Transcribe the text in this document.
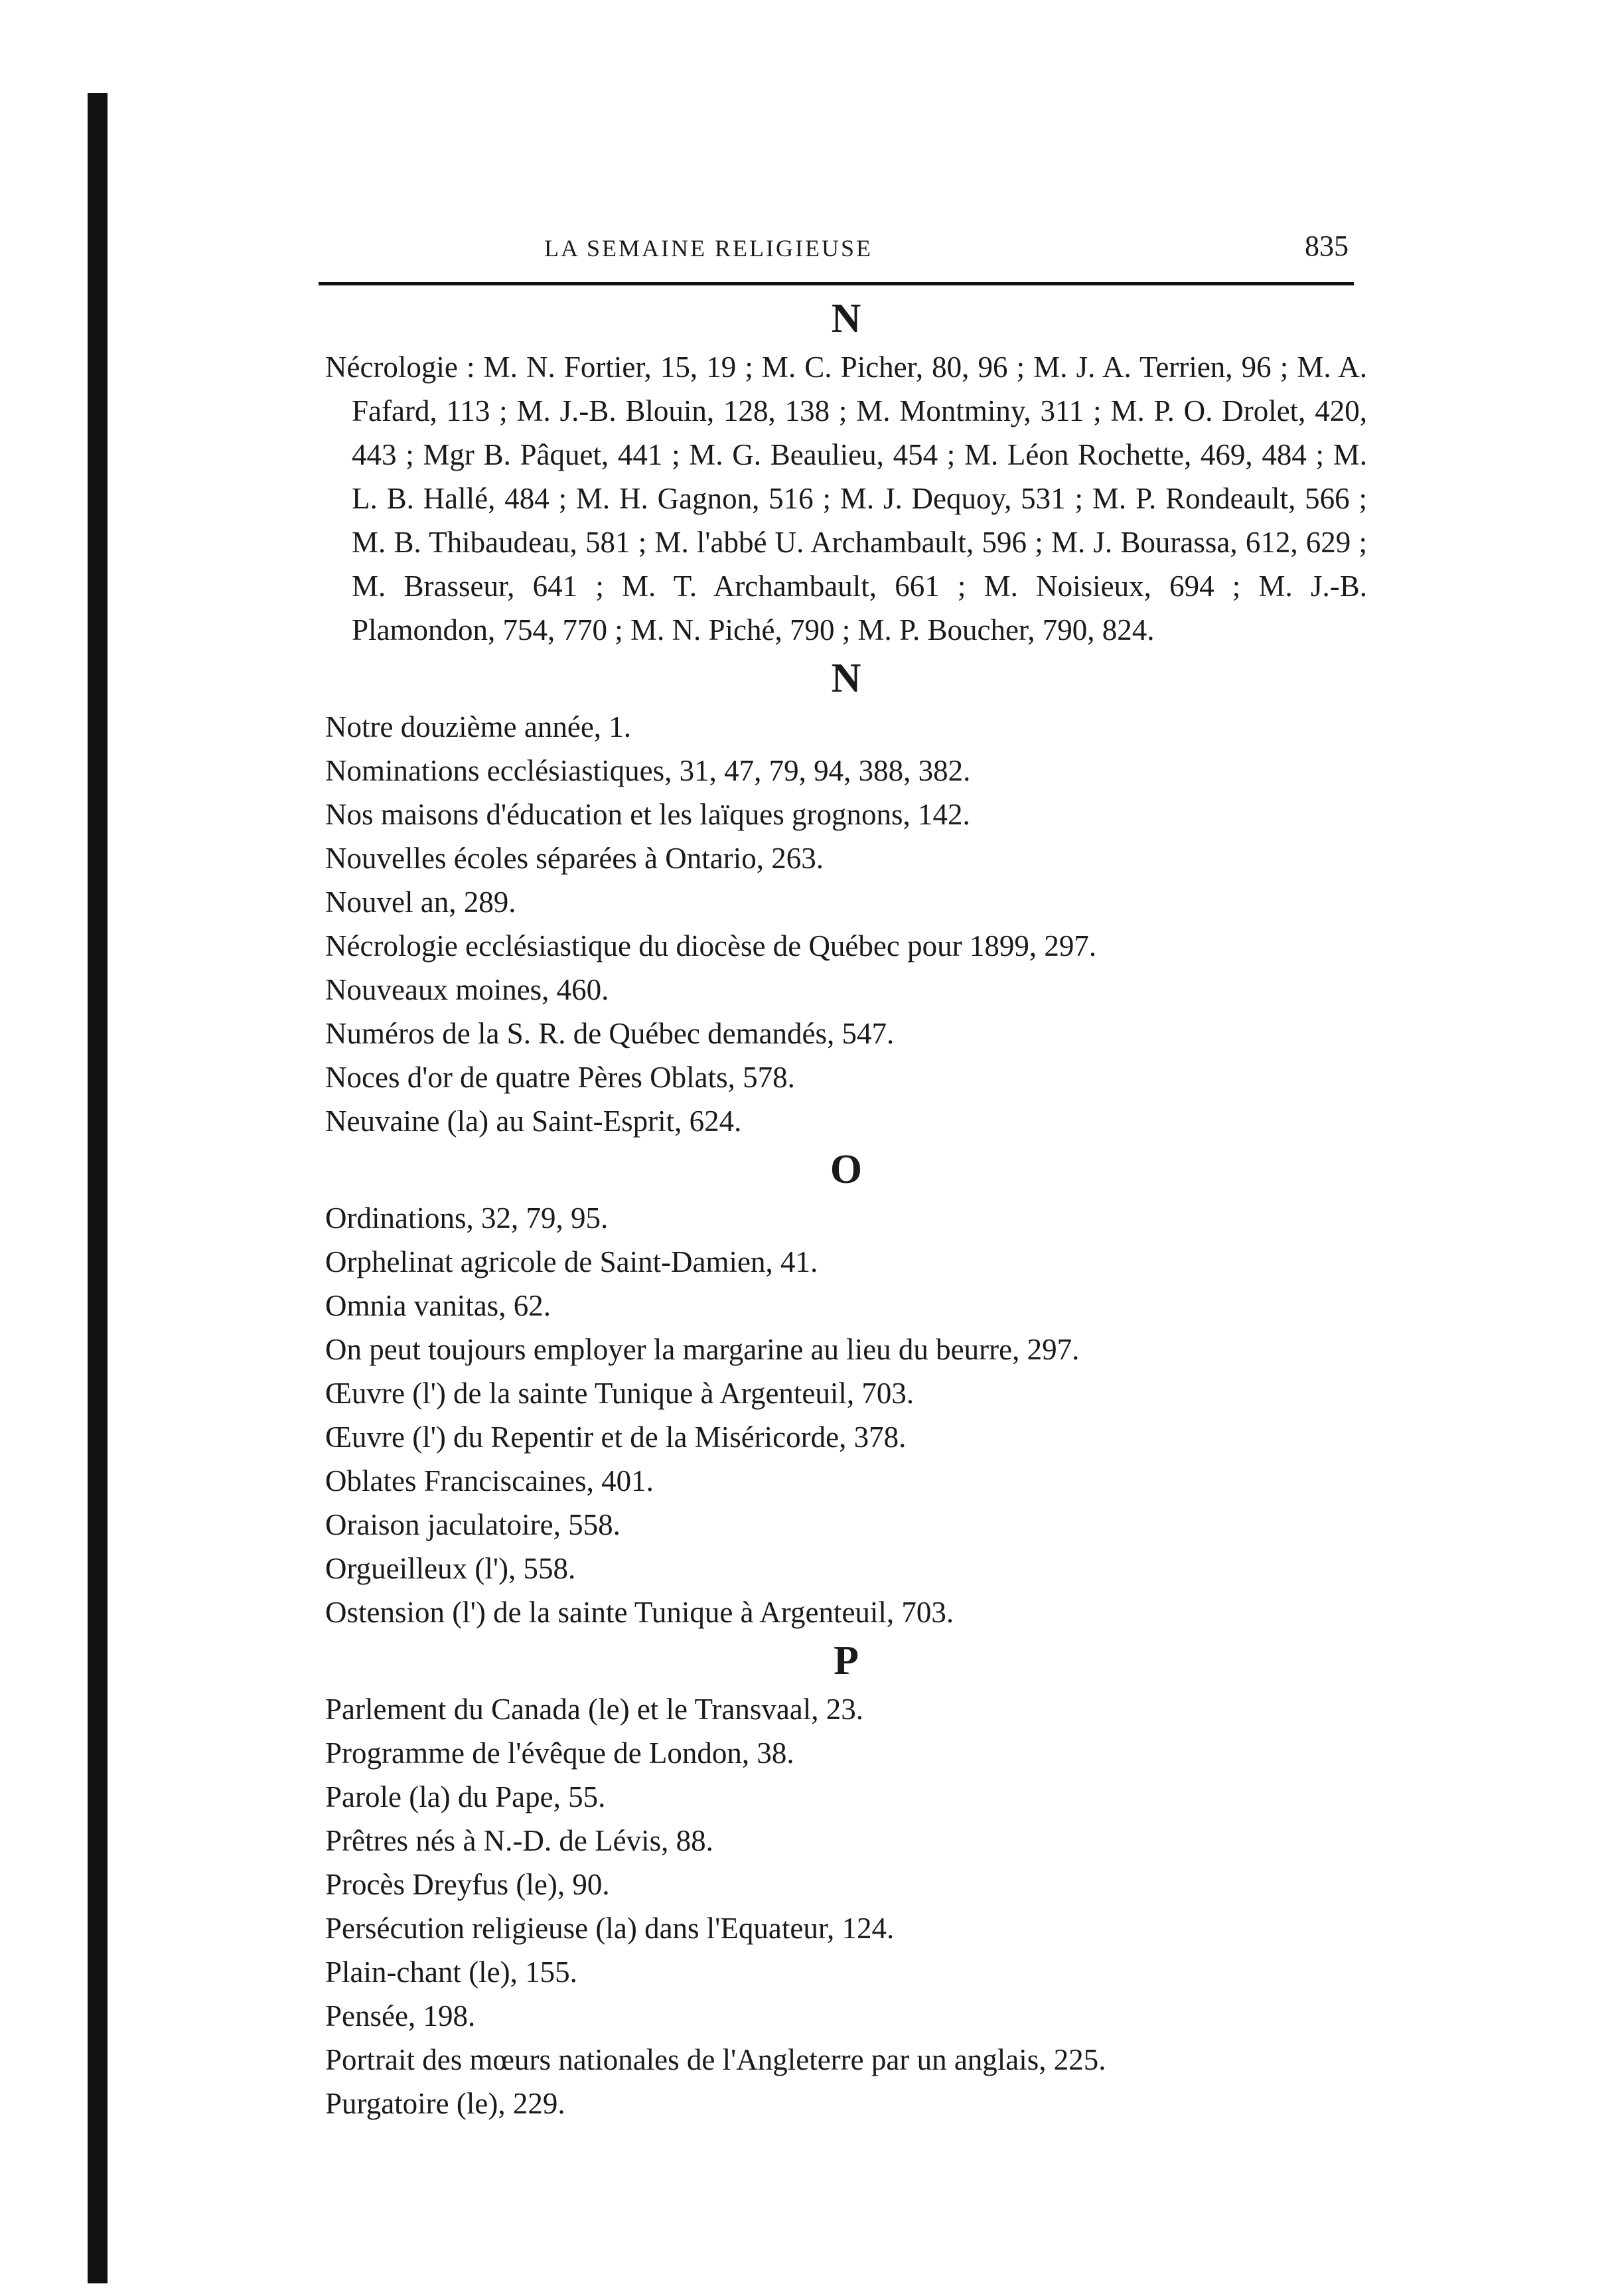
LA SEMAINE RELIGIEUSE	835
N

Nécrologie : M. N. Fortier, 15, 19 ; M. C. Picher, 80, 96 ; M. J. A. Terrien, 96 ; M. A. Fafard, 113 ; M. J.-B. Blouin, 128, 138 ; M. Montminy, 311 ; M. P. O. Drolet, 420, 443 ; Mgr B. Pâquet, 441 ; M. G. Beaulieu, 454 ; M. Léon Rochette, 469, 484 ; M. L. B. Hallé, 484 ; M. H. Gagnon, 516 ; M. J. Dequoy, 531 ; M. P. Rondeault, 566 ; M. B. Thibaudeau, 581 ; M. l'abbé U. Archambault, 596 ; M. J. Bourassa, 612, 629 ; M. Brasseur, 641 ; M. T. Archambault, 661 ; M. Noisieux, 694 ; M. J.-B. Plamondon, 754, 770 ; M. N. Piché, 790 ; M. P. Boucher, 790, 824.

N

Notre douzième année, 1.

Nominations ecclésiastiques, 31, 47, 79, 94, 388, 382.

Nos maisons d'éducation et les laïques grognons, 142.

Nouvelles écoles séparées à Ontario, 263.

Nouvel an, 289.

Nécrologie ecclésiastique du diocèse de Québec pour 1899, 297.

Nouveaux moines, 460.

Numéros de la S. R. de Québec demandés, 547.

Noces d'or de quatre Pères Oblats, 578.

Neuvaine (la) au Saint-Esprit, 624.

O

Ordinations, 32, 79, 95.

Orphelinat agricole de Saint-Damien, 41.

Omnia vanitas, 62.

On peut toujours employer la margarine au lieu du beurre, 297.

Œuvre (l') de la sainte Tunique à Argenteuil, 703.

Œuvre (l') du Repentir et de la Miséricorde, 378.

Oblates Franciscaines, 401.

Oraison jaculatoire, 558.

Orgueilleux (l'), 558.

Ostension (l') de la sainte Tunique à Argenteuil, 703.

P

Parlement du Canada (le) et le Transvaal, 23.

Programme de l'évêque de London, 38.

Parole (la) du Pape, 55.

Prêtres nés à N.-D. de Lévis, 88.

Procès Dreyfus (le), 90.

Persécution religieuse (la) dans l'Equateur, 124.

Plain-chant (le), 155.

Pensée, 198.

Portrait des mœurs nationales de l'Angleterre par un anglais, 225.

Purgatoire (le), 229.
